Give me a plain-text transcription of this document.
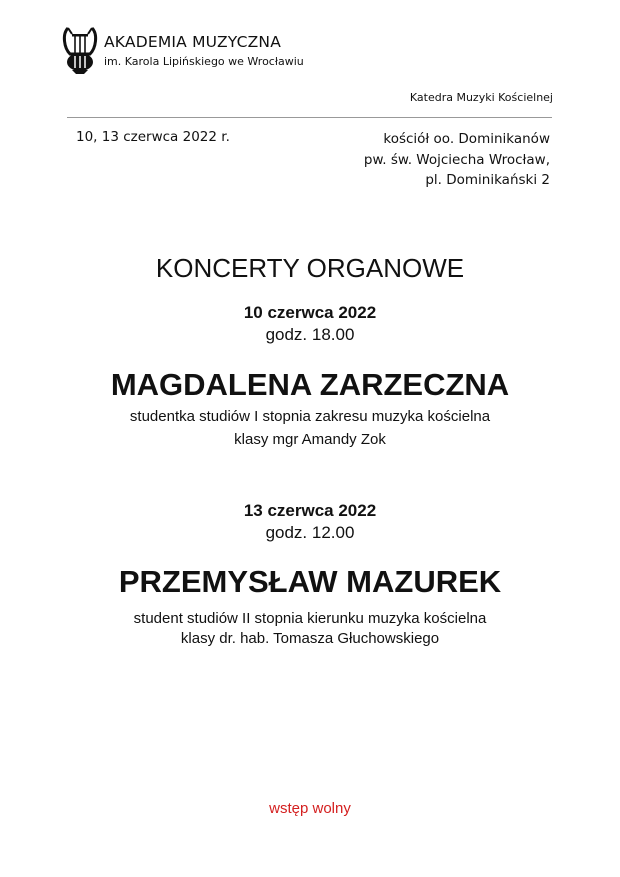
AKADEMIA MUZYCZNA
im. Karola Lipińskiego we Wrocławiu
Katedra Muzyki Kościelnej
10, 13 czerwca 2022 r.	kościół oo. Dominikanów
pw. św. Wojciecha Wrocław,
pl. Dominikański 2
KONCERTY ORGANOWE
10 czerwca 2022
godz. 18.00
MAGDALENA ZARZECZNA
studentka studiów I stopnia zakresu muzyka kościelna
klasy mgr Amandy Zok
13 czerwca 2022
godz. 12.00
PRZEMYSŁAW MAZUREK
student studiów II stopnia kierunku muzyka kościelna
klasy dr. hab. Tomasza Głuchowskiego
wstęp wolny
